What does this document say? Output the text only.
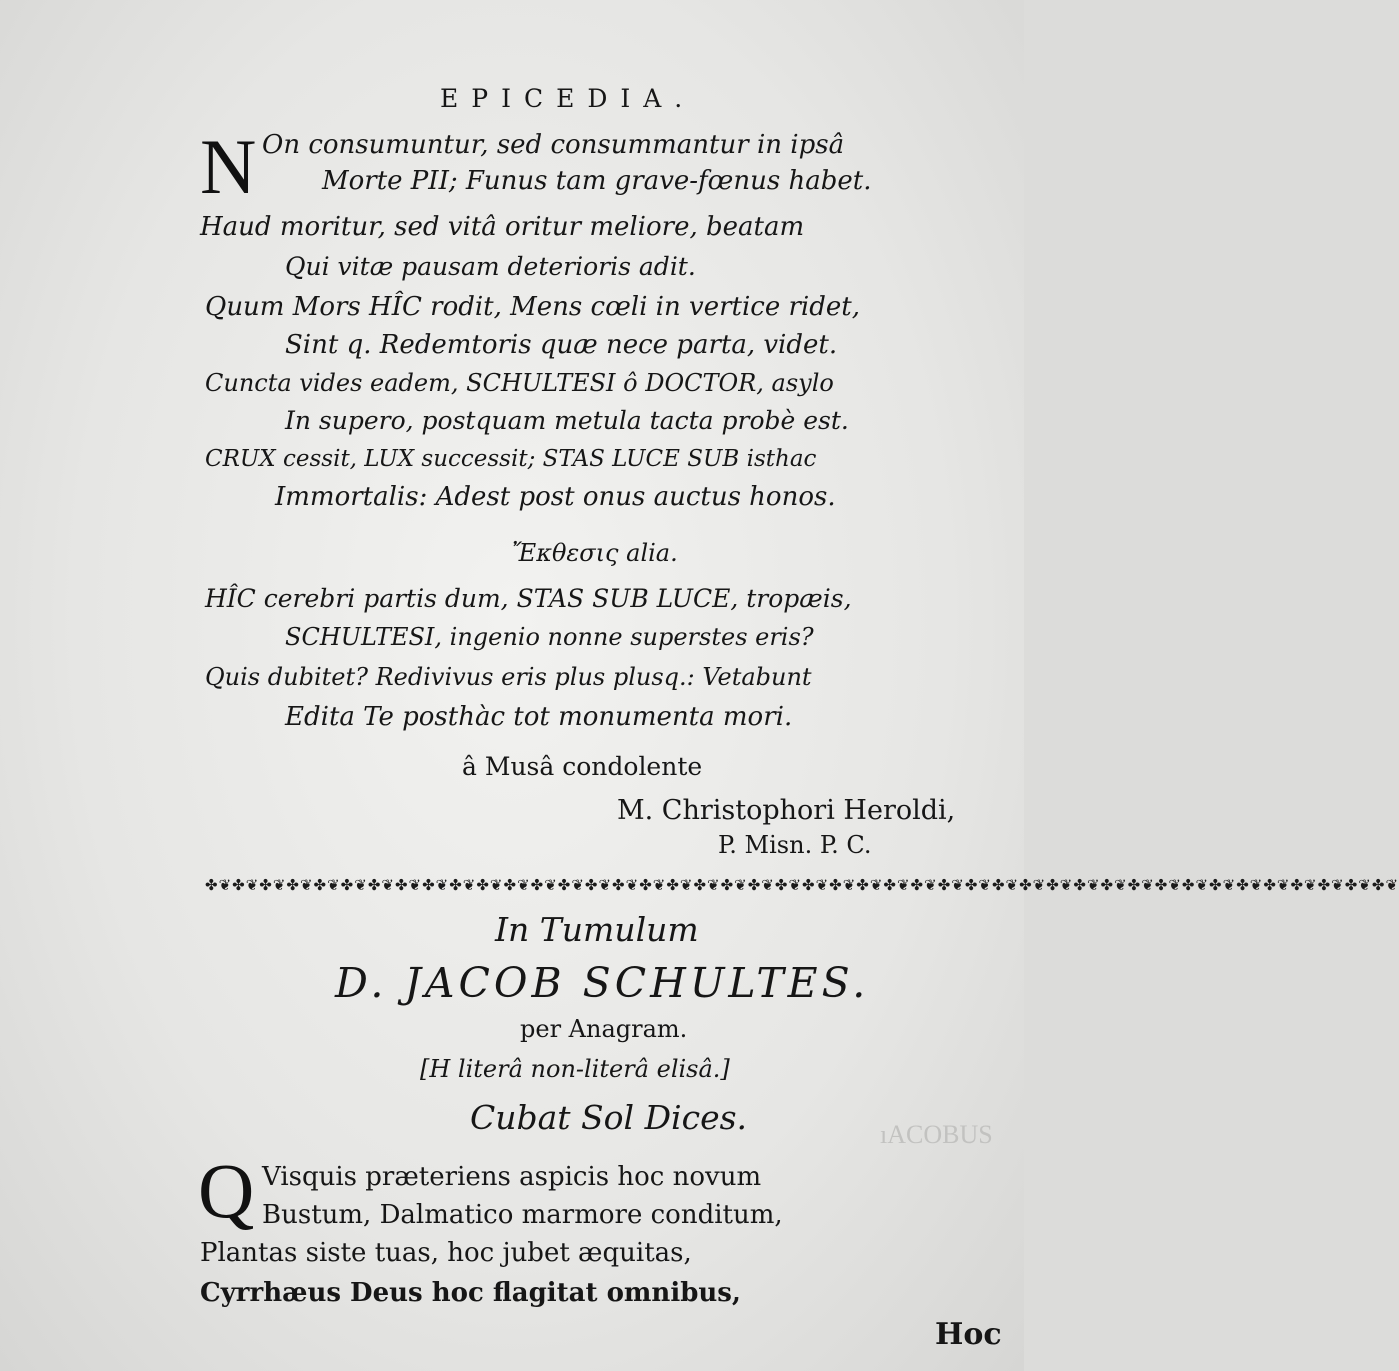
ıACOBUS
EPICEDIA.
N On consumuntur, sed consummantur in ipsâ
Morte PII; Funus tam grave-fœnus habet.
Haud moritur, sed vitâ oritur meliore, beatam
Qui vitæ pausam deterioris adit.
Quum Mors HÎC rodit, Mens cœli in vertice ridet,
Sint q. Redemtoris quæ nece parta, videt.
Cuncta vides eadem, SCHULTESI ô DOCTOR, asylo
In supero, postquam metula tacta probè est.
CRUX cessit, LUX successit; STAS LUCE SUB isthac
Immortalis: Adest post onus auctus honos.
Ἔκθεσις alia.
HÎC cerebri partis dum, STAS SUB LUCE, tropæis,
SCHULTESI, ingenio nonne superstes eris?
Quis dubitet? Redivivus eris plus plusq.: Vetabunt
Edita Te posthàc tot monumenta mori.
â Musâ condolente
M. Christophori Heroldi,
P. Misn. P. C.
✤❦✤❦✤❦✤❦✤❦✤❦✤❦✤❦✤❦✤❦✤❦✤❦✤❦✤❦✤❦✤❦✤❦✤❦✤❦✤❦✤❦✤❦✤❦✤❦✤❦✤❦✤❦✤❦✤❦✤❦✤❦✤❦✤❦✤❦✤❦✤❦✤❦✤❦✤❦✤❦✤❦✤❦✤❦✤❦
In Tumulum
D. JACOB SCHULTES.
per Anagram.
[H literâ non-literâ elisâ.]
Cubat Sol Dices.
Q Visquis præteriens aspicis hoc novum
Bustum, Dalmatico marmore conditum,
Plantas siste tuas, hoc jubet æquitas,
Cyrrhæus Deus hoc flagitat omnibus,
Hoc
